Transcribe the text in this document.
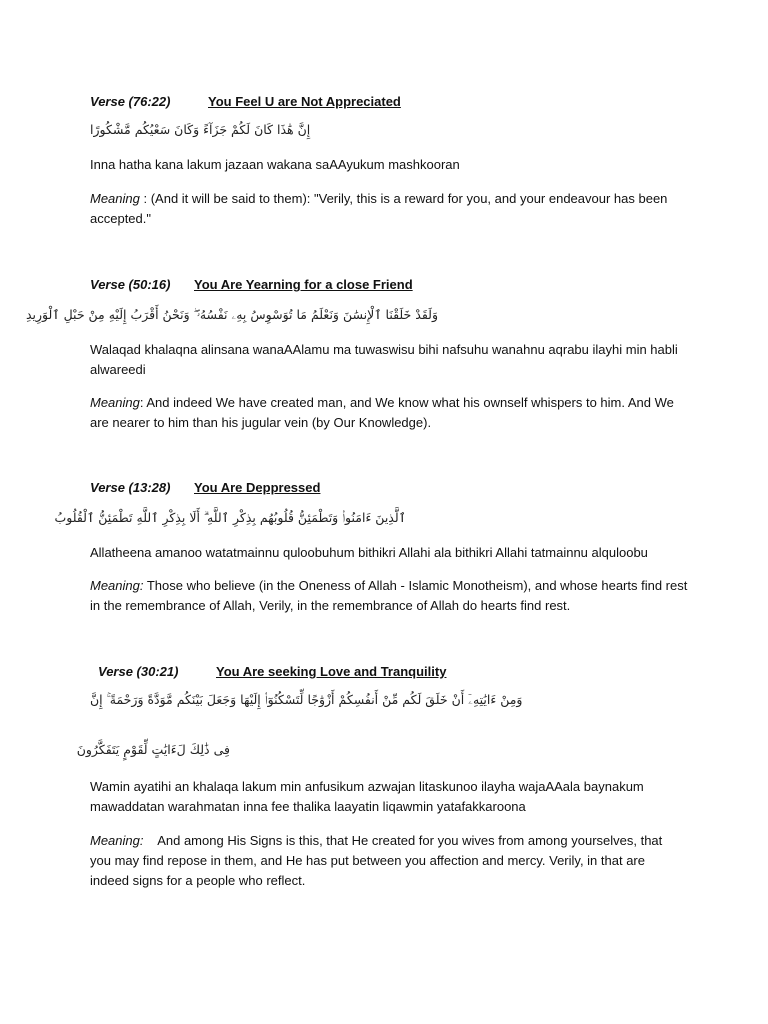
Verse (76:22)	You Feel U are Not Appreciated
إِنَّ هَٰذَا كَانَ لَكُمْ جَزَآءً وَكَانَ سَعْيُكُم مَّشْكُورًا
Inna hatha kana lakum jazaan wakana saAAyukum mashkooran
Meaning : (And it will be said to them): "Verily, this is a reward for you, and your endeavour has been accepted."
Verse (50:16) You Are Yearning for a close Friend
وَلَقَدْ خَلَقْنَا ٱلْإِنسَٰنَ وَنَعْلَمُ مَا تُوَسْوِسُ بِهِۦ نَفْسُهُۥ ۖ وَنَحْنُ أَقْرَبُ إِلَيْهِ مِنْ حَبْلِ ٱلْوَرِيدِ
Walaqad khalaqna alinsana wanaAAlamu ma tuwaswisu bihi nafsuhu wanahnu aqrabu ilayhi min habli alwareedi
Meaning: And indeed We have created man, and We know what his ownself whispers to him. And We are nearer to him than his jugular vein (by Our Knowledge).
Verse (13:28) You Are Deppressed
ٱلَّذِينَ ءَامَنُوا۟ وَتَطْمَئِنُّ قُلُوبُهُم بِذِكْرِ ٱللَّهِ ۗ أَلَا بِذِكْرِ ٱللَّهِ تَطْمَئِنُّ ٱلْقُلُوبُ
Allatheena amanoo watatmainnu quloobuhum bithikri Allahi ala bithikri Allahi tatmainnu alquloobu
Meaning: Those who believe (in the Oneness of Allah - Islamic Monotheism), and whose hearts find rest in the remembrance of Allah, Verily, in the remembrance of Allah do hearts find rest.
Verse (30:21)	You Are seeking Love and Tranquility
وَمِنْ ءَايَٰتِهِۦٓ أَنْ خَلَقَ لَكُم مِّنْ أَنفُسِكُمْ أَزْوَٰجًا لِّتَسْكُنُوٓا۟ إِلَيْهَا وَجَعَلَ بَيْنَكُم مَّوَدَّةً وَرَحْمَةً ۚ إِنَّ
فِى ذَٰلِكَ لَءَايَٰتٍ لِّقَوْمٍ يَتَفَكَّرُونَ
Wamin ayatihi an khalaqa lakum min anfusikum azwajan litaskunoo ilayha wajaAAala baynakum mawaddatan warahmatan inna fee thalika laayatin liqawmin yatafakkaroona
Meaning:    And among His Signs is this, that He created for you wives from among yourselves, that you may find repose in them, and He has put between you affection and mercy. Verily, in that are indeed signs for a people who reflect.
